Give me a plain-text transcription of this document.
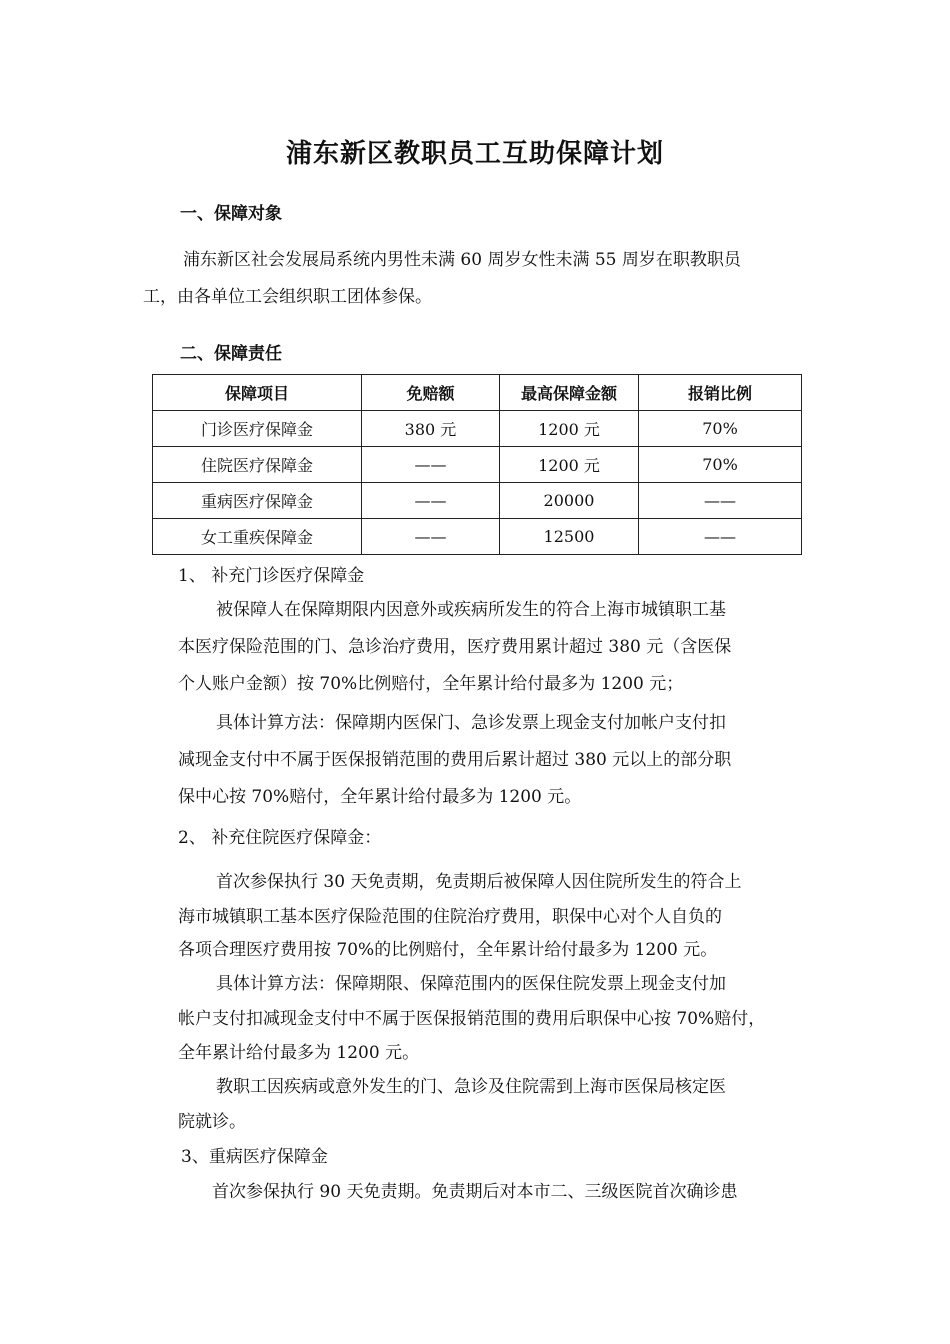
浦东新区教职员工互助保障计划
一、保障对象
浦东新区社会发展局系统内男性未满 60 周岁女性未满 55 周岁在职教职员
工，由各单位工会组织职工团体参保。
二、保障责任
保障项目	免赔额	最高保障金额	报销比例
门诊医疗保障金	380 元	1200 元	70%
住院医疗保障金	——	1200 元	70%
重病医疗保障金	——	20000	——
女工重疾保障金	——	12500	——
1、 补充门诊医疗保障金
被保障人在保障期限内因意外或疾病所发生的符合上海市城镇职工基
本医疗保险范围的门、急诊治疗费用，医疗费用累计超过 380 元（含医保
个人账户金额）按 70%比例赔付，全年累计给付最多为 1200 元；
具体计算方法：保障期内医保门、急诊发票上现金支付加帐户支付扣
减现金支付中不属于医保报销范围的费用后累计超过 380 元以上的部分职
保中心按 70%赔付，全年累计给付最多为 1200 元。
2、 补充住院医疗保障金：
首次参保执行 30 天免责期，免责期后被保障人因住院所发生的符合上
海市城镇职工基本医疗保险范围的住院治疗费用，职保中心对个人自负的
各项合理医疗费用按 70%的比例赔付，全年累计给付最多为 1200 元。
具体计算方法：保障期限、保障范围内的医保住院发票上现金支付加
帐户支付扣减现金支付中不属于医保报销范围的费用后职保中心按 70%赔付，
全年累计给付最多为 1200 元。
教职工因疾病或意外发生的门、急诊及住院需到上海市医保局核定医
院就诊。
3、重病医疗保障金
首次参保执行 90 天免责期。免责期后对本市二、三级医院首次确诊患
